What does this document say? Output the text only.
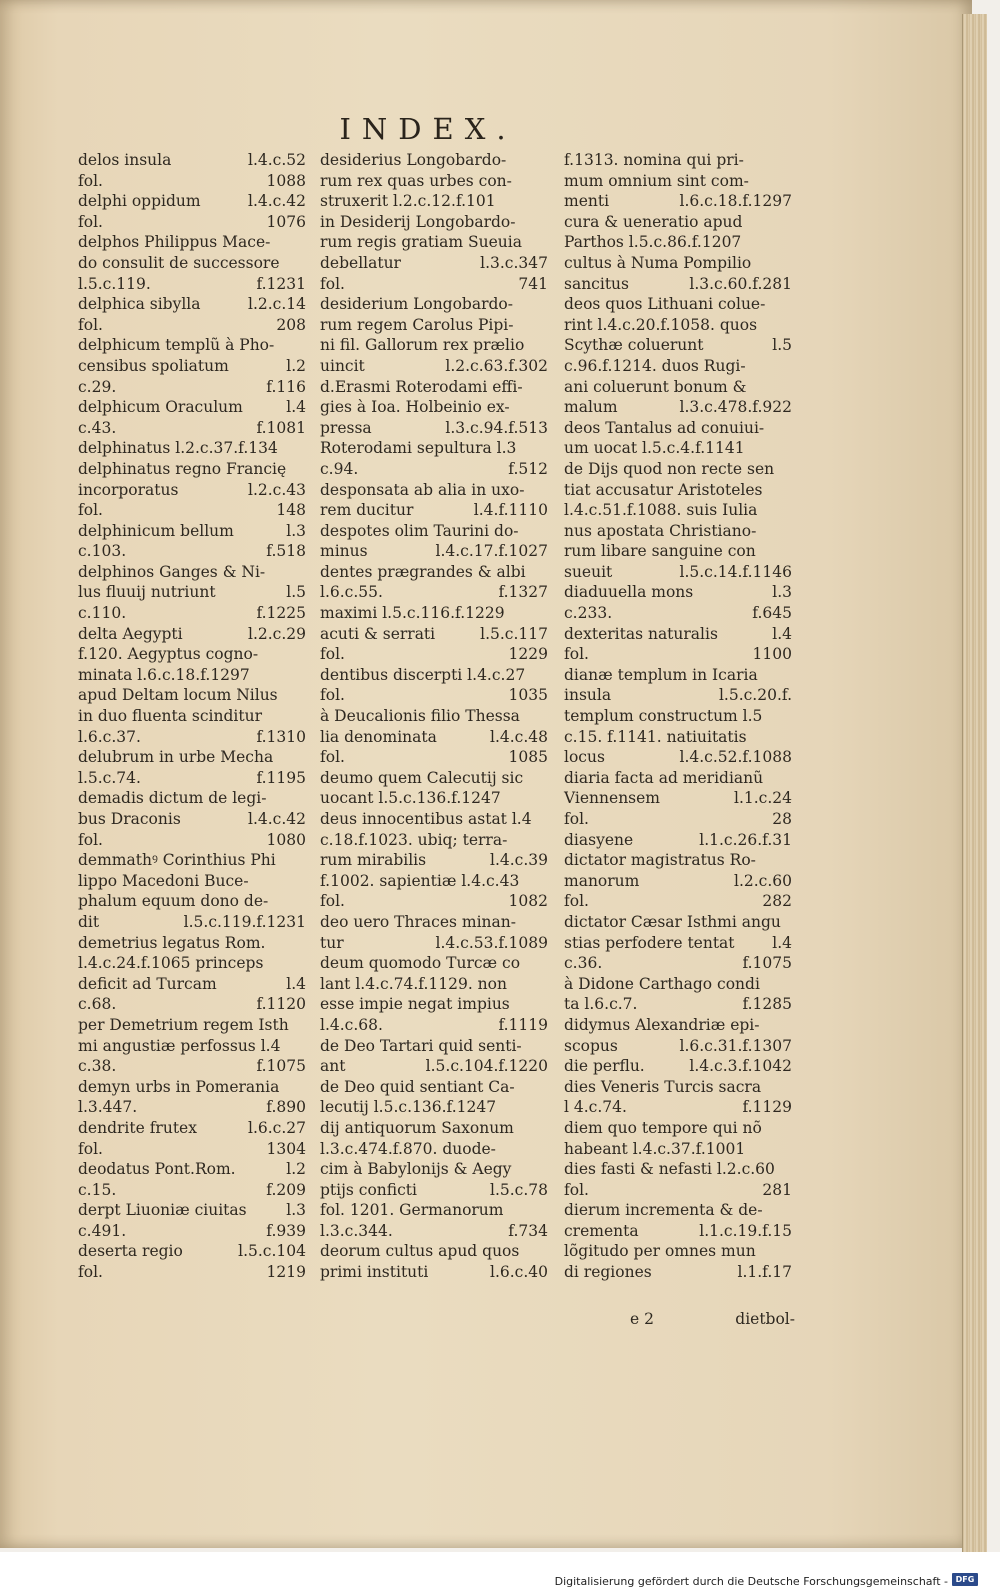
INDEX.
delos insula	l.4.c.52
fol.	1088
delphi oppidum	l.4.c.42
fol.	1076
delphos Philippus Mace-
do consulit de successore
l.5.c.119.	f.1231
delphica sibylla	l.2.c.14
fol.	208
delphicum templũ à Pho-
censibus spoliatum	l.2
c.29.	f.116
delphicum Oraculum	l.4
c.43.	f.1081
delphinatus l.2.c.37.f.134
delphinatus regno Francię
incorporatus	l.2.c.43
fol.	148
delphinicum bellum	l.3
c.103.	f.518
delphinos Ganges & Ni-
lus fluuij nutriunt	l.5
c.110.	f.1225
delta Aegypti	l.2.c.29
f.120. Aegyptus cogno-
minata l.6.c.18.f.1297
apud Deltam locum Nilus
in duo fluenta scinditur
l.6.c.37.	f.1310
delubrum in urbe Mecha
l.5.c.74.	f.1195
demadis dictum de legi-
bus Draconis	l.4.c.42
fol.	1080
demmathꝰ Corinthius Phi
lippo Macedoni Buce-
phalum equum dono de-
dit	l.5.c.119.f.1231
demetrius legatus Rom.
l.4.c.24.f.1065 princeps
deficit ad Turcam	l.4
c.68.	f.1120
per Demetrium regem Isth
mi angustiæ perfossus l.4
c.38.	f.1075
demyn urbs in Pomerania
l.3.447.	f.890
dendrite frutex	l.6.c.27
fol.	1304
deodatus Pont.Rom.	l.2
c.15.	f.209
derpt Liuoniæ ciuitas	l.3
c.491.	f.939
deserta regio	l.5.c.104
fol.	1219
desiderius Longobardo-
rum rex quas urbes con-
struxerit l.2.c.12.f.101
in Desiderij Longobardo-
rum regis gratiam Sueuia
debellatur	l.3.c.347
fol.	741
desiderium Longobardo-
rum regem Carolus Pipi-
ni fil. Gallorum rex prælio
uincit	l.2.c.63.f.302
d.Erasmi Roterodami effi-
gies à Ioa. Holbeinio ex-
pressa	l.3.c.94.f.513
Roterodami sepultura l.3
c.94.	f.512
desponsata ab alia in uxo-
rem ducitur	l.4.f.1110
despotes olim Taurini do-
minus	l.4.c.17.f.1027
dentes prægrandes & albi
l.6.c.55.	f.1327
maximi l.5.c.116.f.1229
acuti & serrati	l.5.c.117
fol.	1229
dentibus discerpti l.4.c.27
fol.	1035
à Deucalionis filio Thessa
lia denominata	l.4.c.48
fol.	1085
deumo quem Calecutij sic
uocant l.5.c.136.f.1247
deus innocentibus astat l.4
c.18.f.1023. ubiq; terra-
rum mirabilis	l.4.c.39
f.1002. sapientiæ l.4.c.43
fol.	1082
deo uero Thraces minan-
tur	l.4.c.53.f.1089
deum quomodo Turcæ co
lant l.4.c.74.f.1129. non
esse impie negat impius
l.4.c.68.	f.1119
de Deo Tartari quid senti-
ant	l.5.c.104.f.1220
de Deo quid sentiant Ca-
lecutij l.5.c.136.f.1247
dij antiquorum Saxonum
l.3.c.474.f.870. duode-
cim à Babylonijs & Aegy
ptijs conficti	l.5.c.78
fol. 1201. Germanorum
l.3.c.344.	f.734
deorum cultus apud quos
primi instituti	l.6.c.40
f.1313. nomina qui pri-
mum omnium sint com-
menti	l.6.c.18.f.1297
cura & ueneratio apud
Parthos l.5.c.86.f.1207
cultus à Numa Pompilio
sancitus	l.3.c.60.f.281
deos quos Lithuani colue-
rint l.4.c.20.f.1058. quos
Scythæ coluerunt	l.5
c.96.f.1214. duos Rugi-
ani coluerunt bonum &
malum	l.3.c.478.f.922
deos Tantalus ad conuiui-
um uocat l.5.c.4.f.1141
de Dijs quod non recte sen
tiat accusatur Aristoteles
l.4.c.51.f.1088. suis Iulia
nus apostata Christiano-
rum libare sanguine con
sueuit	l.5.c.14.f.1146
diaduuella mons	l.3
c.233.	f.645
dexteritas naturalis	l.4
fol.	1100
dianæ templum in Icaria
insula	l.5.c.20.f.
templum constructum l.5
c.15. f.1141. natiuitatis
locus	l.4.c.52.f.1088
diaria facta ad meridianũ
Viennensem	l.1.c.24
fol.	28
diasyene	l.1.c.26.f.31
dictator magistratus Ro-
manorum	l.2.c.60
fol.	282
dictator Cæsar Isthmi angu
stias perfodere tentat l.4
c.36.	f.1075
à Didone Carthago condi
ta l.6.c.7.	f.1285
didymus Alexandriæ epi-
scopus	l.6.c.31.f.1307
die perflu.	l.4.c.3.f.1042
dies Veneris Turcis sacra
l 4.c.74.	f.1129
diem quo tempore qui nõ
habeant l.4.c.37.f.1001
dies fasti & nefasti l.2.c.60
fol.	281
dierum incrementa & de-
crementa	l.1.c.19.f.15
lõgitudo per omnes mun
di regiones	l.1.f.17
e 2	dietbol-
Digitalisierung gefördert durch die Deutsche Forschungsgemeinschaft - DFG
